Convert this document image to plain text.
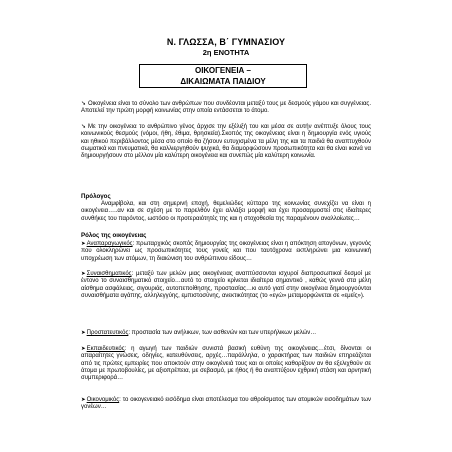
Ν. ΓΛΩΣΣΑ, Β΄ ΓΥΜΝΑΣΙΟΥ
2η ΕΝΟΤΗΤΑ
ΟΙΚΟΓΕΝΕΙΑ –
ΔΙΚΑΙΩΜΑΤΑ ΠΑΙΔΙΟΥ

➘ Οικογένεια είναι το σύνολο των ανθρώπων που συνδέονται μεταξύ τους με δεσμούς γάμου και συγγένειας. Αποτελεί την πρώτη μορφή κοινωνίας στην οποία εντάσσεται το άτομο.

➘ Με την οικογένεια το ανθρώπινο γένος άρχισε την εξέλιξή του και μέσα σε αυτήν ανέπτυξε όλους τους κοινωνικούς θεσμούς (νόμοι, ήθη, έθιμα, θρησκεία).Σκοπός της οικογένειας είναι η δημιουργία ενός υγιούς και ηθικού περιβάλλοντος μέσα στο οποίο θα ζήσουν ευτυχισμένα τα μέλη της και τα παιδιά θα αναπτυχθούν σωματικά και πνευματικά, θα καλλιεργηθούν ψυχικά, θα διαμορφώσουν προσωπικότητα και θα είναι ικανά να δημιουργήσουν στο μέλλον μία καλύτερη οικογένεια και συνεπώς μία καλύτερη κοινωνία.

Πρόλογος

Αναμφίβολα, και στη σημερινή εποχή, θεμελιώδες κύτταρο της κοινωνίας συνεχίζει να είναι η οικογένεια…..αν και σε σχέση με το παρελθόν έχει αλλάξει μορφή και έχει προσαρμοστεί στις ιδιαίτερες συνθήκες του παρόντος, ωστόσο οι προτεραιότητές της και η στοχοθεσία της παραμένουν αναλλοίωτες…

Ρόλος της οικογένειας

➤Αναπαραγωγικός: πρωταρχικός σκοπός δημιουργίας της οικογένειας είναι η απόκτηση απογόνων, γεγονός που ολοκληρώνει ως προσωπικότητες τους γονείς και που ταυτόχρονα εκπληρώνει μια κοινωνική υποχρέωση των ατόμων, τη διαιώνιση του ανθρώπινου είδους…

➤Συναισθηματικός: μεταξύ των μελών μιας οικογένειας αναπτύσσονται ισχυροί διαπροσωπικοί δεσμοί με έντονο το συναισθηματικό στοιχείο…αυτό το στοιχείο κρίνεται ιδιαίτερα σημαντικό , καθώς γεννά στα μέλη αίσθημα ασφάλειας, σιγουριάς, αυτοπεποίθησης, προστασίας…κι αυτό γιατί στην οικογένεια δημιουργούνται συναισθήματα αγάπης, αλληλεγγύης, εμπιστοσύνης, ανεκτικότητας (το «εγώ» μεταμορφώνεται σε «εμείς»).

➤Προστατευτικός: προστασία των ανήλικων, των ασθενών και των υπερήλικων μελών…

➤Εκπαιδευτικός: η αγωγή των παιδιών συνιστά βασική ευθύνη της οικογένειας…έτσι, δίνονται οι απαραίτητες γνώσεις, οδηγίες, κατευθύνσεις, αρχές…παράλληλα, ο χαρακτήρας των παιδιών επηρεάζεται από τις πρώτες εμπειρίες που αποκτούν στην οικογένειά τους και οι οποίες καθορίζουν αν θα εξελιχθούν σε άτομα με πρωτοβουλίες, με αξιοπρέπεια, με σεβασμό, με ήθος ή θα αναπτύξουν εχθρική στάση και αρνητική συμπεριφορά…

➤Οικονομικός: το οικογενειακό εισόδημα είναι αποτέλεσμα του αθροίσματος των ατομικών εισοδημάτων των γονέων…
